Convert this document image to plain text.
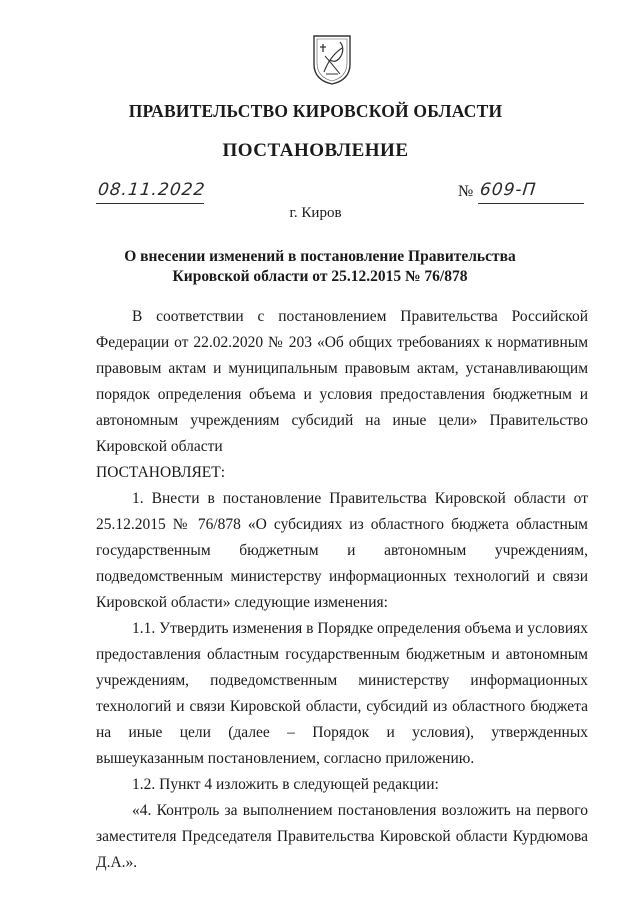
ПРАВИТЕЛЬСТВО КИРОВСКОЙ ОБЛАСТИ
ПОСТАНОВЛЕНИЕ
08.11.2022	№ 609-П
г. Киров
О внесении изменений в постановление Правительства
Кировской области от 25.12.2015 № 76/878

В соответствии с постановлением Правительства Российской Федерации от 22.02.2020 № 203 «Об общих требованиях к нормативным правовым актам и муниципальным правовым актам, устанавливающим порядок определения объема и условия предоставления бюджетным и автономным учреждениям субсидий на иные цели» Правительство Кировской области

ПОСТАНОВЛЯЕТ:

1. Внести в постановление Правительства Кировской области от 25.12.2015 № 76/878 «О субсидиях из областного бюджета областным государственным бюджетным и автономным учреждениям, подведомственным министерству информационных технологий и связи Кировской области» следующие изменения:

1.1. Утвердить изменения в Порядке определения объема и условиях предоставления областным государственным бюджетным и автономным учреждениям, подведомственным министерству информационных технологий и связи Кировской области, субсидий из областного бюджета на иные цели (далее – Порядок и условия), утвержденных вышеуказанным постановлением, согласно приложению.

1.2. Пункт 4 изложить в следующей редакции:

«4. Контроль за выполнением постановления возложить на первого заместителя Председателя Правительства Кировской области Курдюмова Д.А.».
